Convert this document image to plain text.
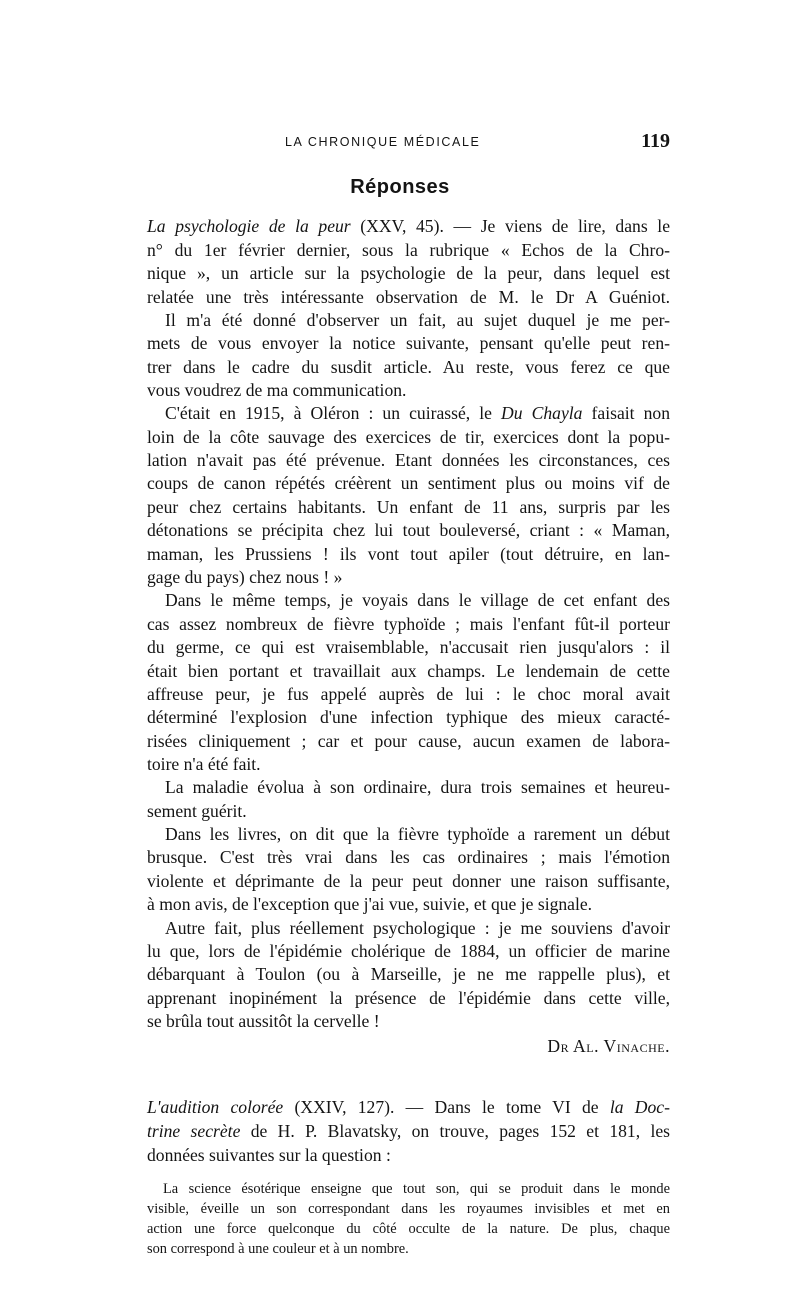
LA CHRONIQUE MÉDICALE	119
Réponses

La psychologie de la peur (XXV, 45). — Je viens de lire, dans le

n° du 1er février dernier, sous la rubrique « Echos de la Chro-

nique », un article sur la psychologie de la peur, dans lequel est

relatée une très intéressante observation de M. le Dr A Guéniot.

Il m'a été donné d'observer un fait, au sujet duquel je me per-

mets de vous envoyer la notice suivante, pensant qu'elle peut ren-

trer dans le cadre du susdit article. Au reste, vous ferez ce que

vous voudrez de ma communication.

C'était en 1915, à Oléron : un cuirassé, le Du Chayla faisait non

loin de la côte sauvage des exercices de tir, exercices dont la popu-

lation n'avait pas été prévenue. Etant données les circonstances, ces

coups de canon répétés créèrent un sentiment plus ou moins vif de

peur chez certains habitants. Un enfant de 11 ans, surpris par les

détonations se précipita chez lui tout bouleversé, criant : « Maman,

maman, les Prussiens ! ils vont tout apiler (tout détruire, en lan-

gage du pays) chez nous ! »

Dans le même temps, je voyais dans le village de cet enfant des

cas assez nombreux de fièvre typhoïde ; mais l'enfant fût-il porteur

du germe, ce qui est vraisemblable, n'accusait rien jusqu'alors : il

était bien portant et travaillait aux champs. Le lendemain de cette

affreuse peur, je fus appelé auprès de lui : le choc moral avait

déterminé l'explosion d'une infection typhique des mieux caracté-

risées cliniquement ; car et pour cause, aucun examen de labora-

toire n'a été fait.

La maladie évolua à son ordinaire, dura trois semaines et heureu-

sement guérit.

Dans les livres, on dit que la fièvre typhoïde a rarement un début

brusque. C'est très vrai dans les cas ordinaires ; mais l'émotion

violente et déprimante de la peur peut donner une raison suffisante,

à mon avis, de l'exception que j'ai vue, suivie, et que je signale.

Autre fait, plus réellement psychologique : je me souviens d'avoir

lu que, lors de l'épidémie cholérique de 1884, un officier de marine

débarquant à Toulon (ou à Marseille, je ne me rappelle plus), et

apprenant inopinément la présence de l'épidémie dans cette ville,

se brûla tout aussitôt la cervelle !

Dr Al. Vinache.

L'audition colorée (XXIV, 127). — Dans le tome VI de la Doc-

trine secrète de H. P. Blavatsky, on trouve, pages 152 et 181, les

données suivantes sur la question :

La science ésotérique enseigne que tout son, qui se produit dans le monde

visible, éveille un son correspondant dans les royaumes invisibles et met en

action une force quelconque du côté occulte de la nature. De plus, chaque

son correspond à une couleur et à un nombre.
